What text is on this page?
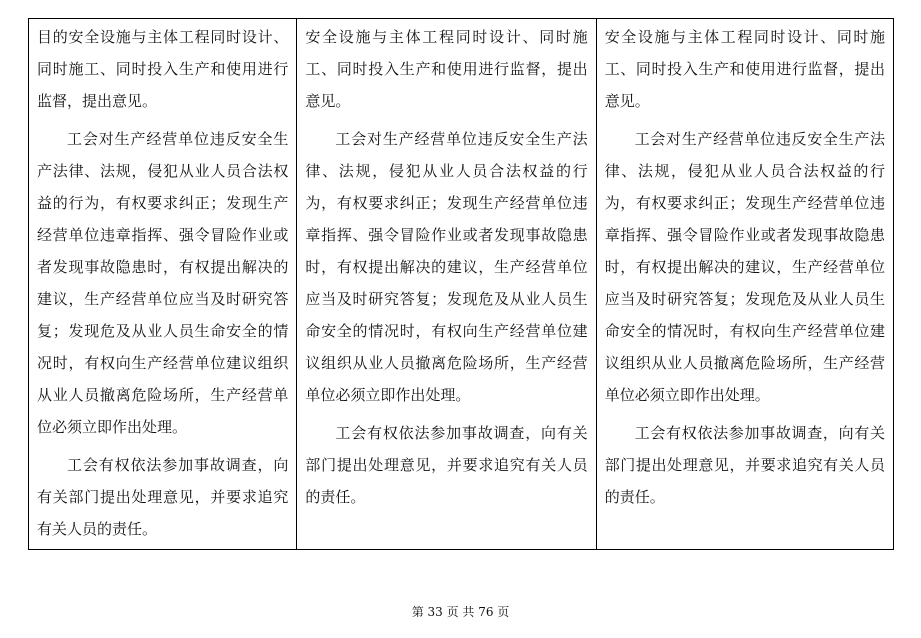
目的安全设施与主体工程同时设计、同时施工、同时投入生产和使用进行监督，提出意见。

工会对生产经营单位违反安全生产法律、法规，侵犯从业人员合法权益的行为，有权要求纠正；发现生产经营单位违章指挥、强令冒险作业或者发现事故隐患时，有权提出解决的建议，生产经营单位应当及时研究答复；发现危及从业人员生命安全的情况时，有权向生产经营单位建议组织从业人员撤离危险场所，生产经营单位必须立即作出处理。

工会有权依法参加事故调查，向有关部门提出处理意见，并要求追究有关人员的责任。

安全设施与主体工程同时设计、同时施工、同时投入生产和使用进行监督，提出意见。

工会对生产经营单位违反安全生产法律、法规，侵犯从业人员合法权益的行为，有权要求纠正；发现生产经营单位违章指挥、强令冒险作业或者发现事故隐患时，有权提出解决的建议，生产经营单位应当及时研究答复；发现危及从业人员生命安全的情况时，有权向生产经营单位建议组织从业人员撤离危险场所，生产经营单位必须立即作出处理。

工会有权依法参加事故调查，向有关部门提出处理意见，并要求追究有关人员的责任。

安全设施与主体工程同时设计、同时施工、同时投入生产和使用进行监督，提出意见。

工会对生产经营单位违反安全生产法律、法规，侵犯从业人员合法权益的行为，有权要求纠正；发现生产经营单位违章指挥、强令冒险作业或者发现事故隐患时，有权提出解决的建议，生产经营单位应当及时研究答复；发现危及从业人员生命安全的情况时，有权向生产经营单位建议组织从业人员撤离危险场所，生产经营单位必须立即作出处理。

工会有权依法参加事故调查，向有关部门提出处理意见，并要求追究有关人员的责任。

第 33 页 共 76 页
